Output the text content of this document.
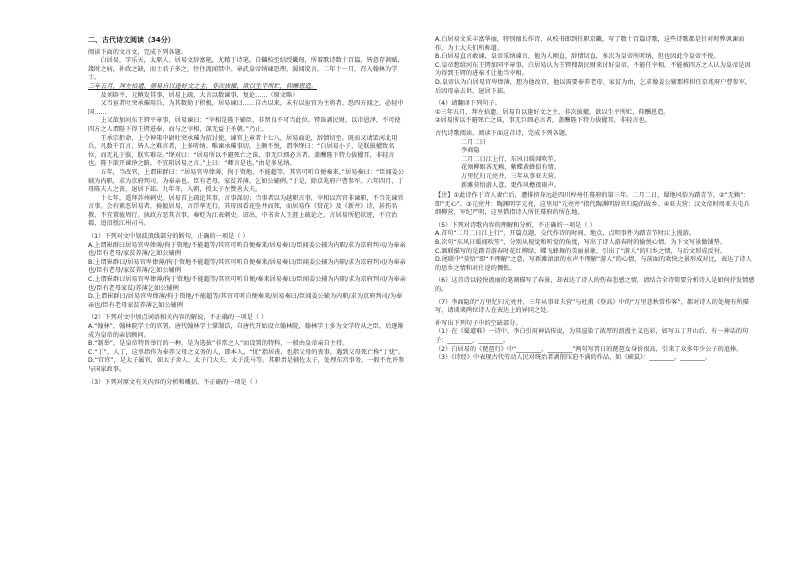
二、古代诗文阅读（34分）

阅读下面的文言文，完成下列各题。

白居易，字乐天，太原人。居易文辞富艳，尤精于诗笔。自雠校至结绶畿甸，所着歌诗数十百篇，皆意存讽赋，箴时之病，补政之缺，而士君子多之，往往流闻禁中。章武皇帝纳谏思理，渴闻谠言，二年十一月，召入翰林为学士。

三年五月，拜左拾遗。居易自以逢好文之主，非次拔擢，欲以生平所贮，仰酬恩造。

及刘辟平，元稹发其事，居易上疏，大言以数谏事，复论……（原文略）

又当宦者吐突承璀用兵，为其数劾于积极，居易谏曰……自古以来，未有以宦官为主将者。恐四方闻之，必轻中国……

上又欲加河东王锷平章事，居易谏曰：“宰相是陛下辅臣，非贤良不可当此位。锷诛剥民财，以市恩泽，不可使四方之人谓陛下得王锷进奉，而与之宰相，深无益于圣朝。”乃止。

王承宗拒命，上令神策中尉吐突承璀为招讨使，谏官上章者十七八，居易面论，辞情切至。既而又请罢河北用兵，凡数千百言，皆人之难言者，上多听纳。唯谏承璀事切，上颇不悦，谓李绛曰：“白居易小子，是朕拔擢致名位，而无礼于朕，朕实难奈。”绛对曰：“居易所以不避死亡之诛，事无巨细必言者，盖酬陛下特力拔擢耳，非轻言也。陛下欲开谏诤之路，不宜阻居易之言。”上曰：“卿言是也。”由是多见纳。

五年，当改官，上谓崔群曰：“居易官卑俸薄，拘于资地，不能超等，其官可听自便奏来。”居易奏曰：“臣闻姜公辅为内职，求为京府判司，为奉亲也。臣有老母，家贫养薄，乞如公辅例。”于是，除京兆府户曹参军。六年四月，丁母陈夫人之丧，退居下邽。九年冬，入朝，授太子左赞善大夫。

十七年，遥拜苏州刺史。居易首上疏论其事，言事深切；当事者以为越职言事，宰相以宫官非谏职，不当先谏官言事。会有素恶居易者，掎摭居易，言浮华无行，其母因看花坠井而死，而居易作《赏花》及《新井》诗，甚伤名教，不宜置彼周行。执政方恶其言事，奏贬为江表刺史。诏出，中书舍人王涯上疏论之，言居易所犯状迹，不宜治郡，追诏授江州司马。

（1）下列对文中划波浪线部分的断句，正确的一项是（ ）

A.上谓崔群曰居易官卑俸薄/拘于资地/不能超等/其官可听自便奏来/居易奏曰/臣闻姜公辅为内职/求为京府判司/为奉亲也/臣有老母/家贫养薄/乞如公辅例

B.上谓崔群曰/居易官卑俸薄/拘于资地不能超等/其官可听自便奏来/居易奏曰/臣闻姜公辅为内职/求为京府判司/为奉亲也/臣有老母/家贫养薄/乞如公辅例

C.上谓崔群曰居易官卑俸薄/拘于资地/不能超等/其官可听自便/奏来居易奏曰/臣闻姜公辅为内职/求为京府判司/为奉亲也/臣有老母家贫/养薄乞如公辅例

D.上谓崔群曰/居易官卑俸薄/拘于资地/不能超等/其官可听自便奏来/居易奏曰/臣闻姜公辅为内职/求为京府判司/为奉亲也/臣有老母家贫养薄乞如公辅例

（2）下列对文中加点词语相关内容的解说，不正确的一项是（ ）

A.“翰林”，翰林院学士的官署，唐代翰林学士掌制诰，自唐代开始设立翰林院，翰林学士多为文学侍从之臣，后逐渐成为皇帝的亲信顾问。

B.“制举”，是皇帝特旨举行的一种，是为选拔“非常之人”而设置的特科，一般由皇帝亲自主持。

C.“丁”，人丁，这里指作为奉养父母之义务的人，即本人。“忧”指居丧，也指父母的丧事，遇到父母死亡称“丁忧”。

D.“宫官”，是太子属官，如太子舍人、太子门大夫、太子洗马等。其职责是辅佐太子，处理东宫事务，一般不允许参与国家政事。

（3）下列对原文有关内容的分析和概括，不正确的一项是（ ）

A.白居易文采丰富华丽，特别擅长作诗，从校书郎到任职京畿，写了数十百篇诗歌，这些诗歌都是针对时弊讽谏而作，为士大夫们所称道。

B.白居易直言敢谏，皇帝采纳谏言，他为人刚直，辞情切直，多次为皇帝所听纳，但也因此令皇帝不悦。

C.皇帝想给河东王锷加同平章事，白居易认为王锷搜刮民财来讨好皇帝，不能任宰相，不能被四方之人认为皇帝是因为得到王锷的进奉才让他当宰相。

D.皇帝认为白居易官卑俸薄，想为他改官，他以需要奉养老母、家贫为由，乞求像姜公辅那样担任京兆府户曹参军，后因母亲去世，退居下邽。

（4）请翻译下列句子。

①三年五月，拜左拾遗。居易自以逢好文之主，非次拔擢，欲以生平所贮，仰酬恩造。

②居易所以不避死亡之诛，事无巨细必言者，盖酬陛下特力拔擢耳，非轻言也。

古代诗歌阅读，阅读下面这首诗，完成下列各题。

二月二日

李商隐

二月二日江上行，东风日暖闻吹笙。

花须柳眼各无赖，紫蝶黄蜂俱有情。

万里忆归元亮井，三年从事亚夫营。

新滩莫悟游人意，更作风檐夜雨声。

【注】①此诗作于诗人妻亡后，遭排挤身远赴四川梓州任幕府的第三年。二月二日，蜀地风俗为踏青节。②“无赖”：即“无心”。③元亮井：陶渊明字元亮，这里用“元亮井”指代陶渊明辞官归隐的故乡。④亚夫营：汉文帝时周亚夫屯兵细柳营，军纪严明，这里借指诗人所任幕府的所在地。

（5）下列对诗歌内容的理解和分析，不正确的一项是（ ）

A.首句“二月二日江上行”，开篇点题，交代作诗的时间、地点，点明事件为踏青节时江上漫游。

B.次句“东风日暖闻吹笙”，分别从视觉和听觉的角度，写出了诗人游春时的愉悦心情，为下文写景做铺垫。

C.颔联描写的是踏青游春时花红柳绿、蝶飞蜂舞的美丽景象，引出了“游人”的归乡之情，与后文形成反衬。

D.尾联中“莫悟”即“不理解”之意，写新滩滚滚的水声不理解“游人”的心情，与前面的欢快之景形成对比，表达了诗人的思乡之情和对仕途的惆怅。

（6）这首诗以轻快流丽的笔调描写了春景，却表达了诗人的伤春悲感之情，请结合全诗简要分析诗人是如何抒发情感的。

（7）李商隐的“万里忆归元亮井，三年从事亚夫营”与杜甫《登高》中的“万里悲秋常作客”，都对诗人的处境有所描写，请谈谈两位诗人在表达上的异同之处。

补写出下列句子中的空缺部分。

（1）在《蜀道难》一诗中，李白引用神话传说，为其渲染了浓厚的浪漫主义色彩，如写五丁开山后，有一神话的句子：________，________。

（2）白居易的《琵琶行》中“________，________”两句写昔日的琵琶女身价很高，引来了众多年少公子的追捧。

（3）《诗经》中表现古代劳动人民对统治者剥削压迫不满的作品，如《硕鼠》：________，________。
